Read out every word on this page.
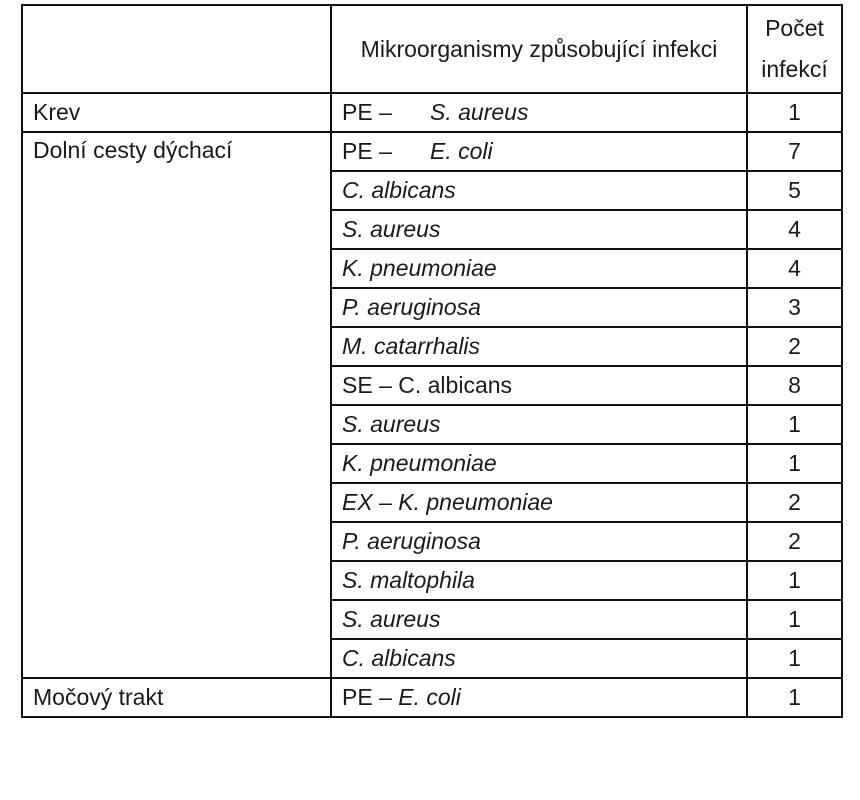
	Mikroorganismy způsobující infekci	Počet infekcí
Krev	PE – S. aureus	1
Dolní cesty dýchací	PE – E. coli	7
	C. albicans	5
	S. aureus	4
	K. pneumoniae	4
	P. aeruginosa	3
	M. catarrhalis	2
	SE – C. albicans	8
	S. aureus	1
	K. pneumoniae	1
	EX – K. pneumoniae	2
	P. aeruginosa	2
	S. maltophila	1
	S. aureus	1
	C. albicans	1
Močový trakt	PE – E. coli	1
